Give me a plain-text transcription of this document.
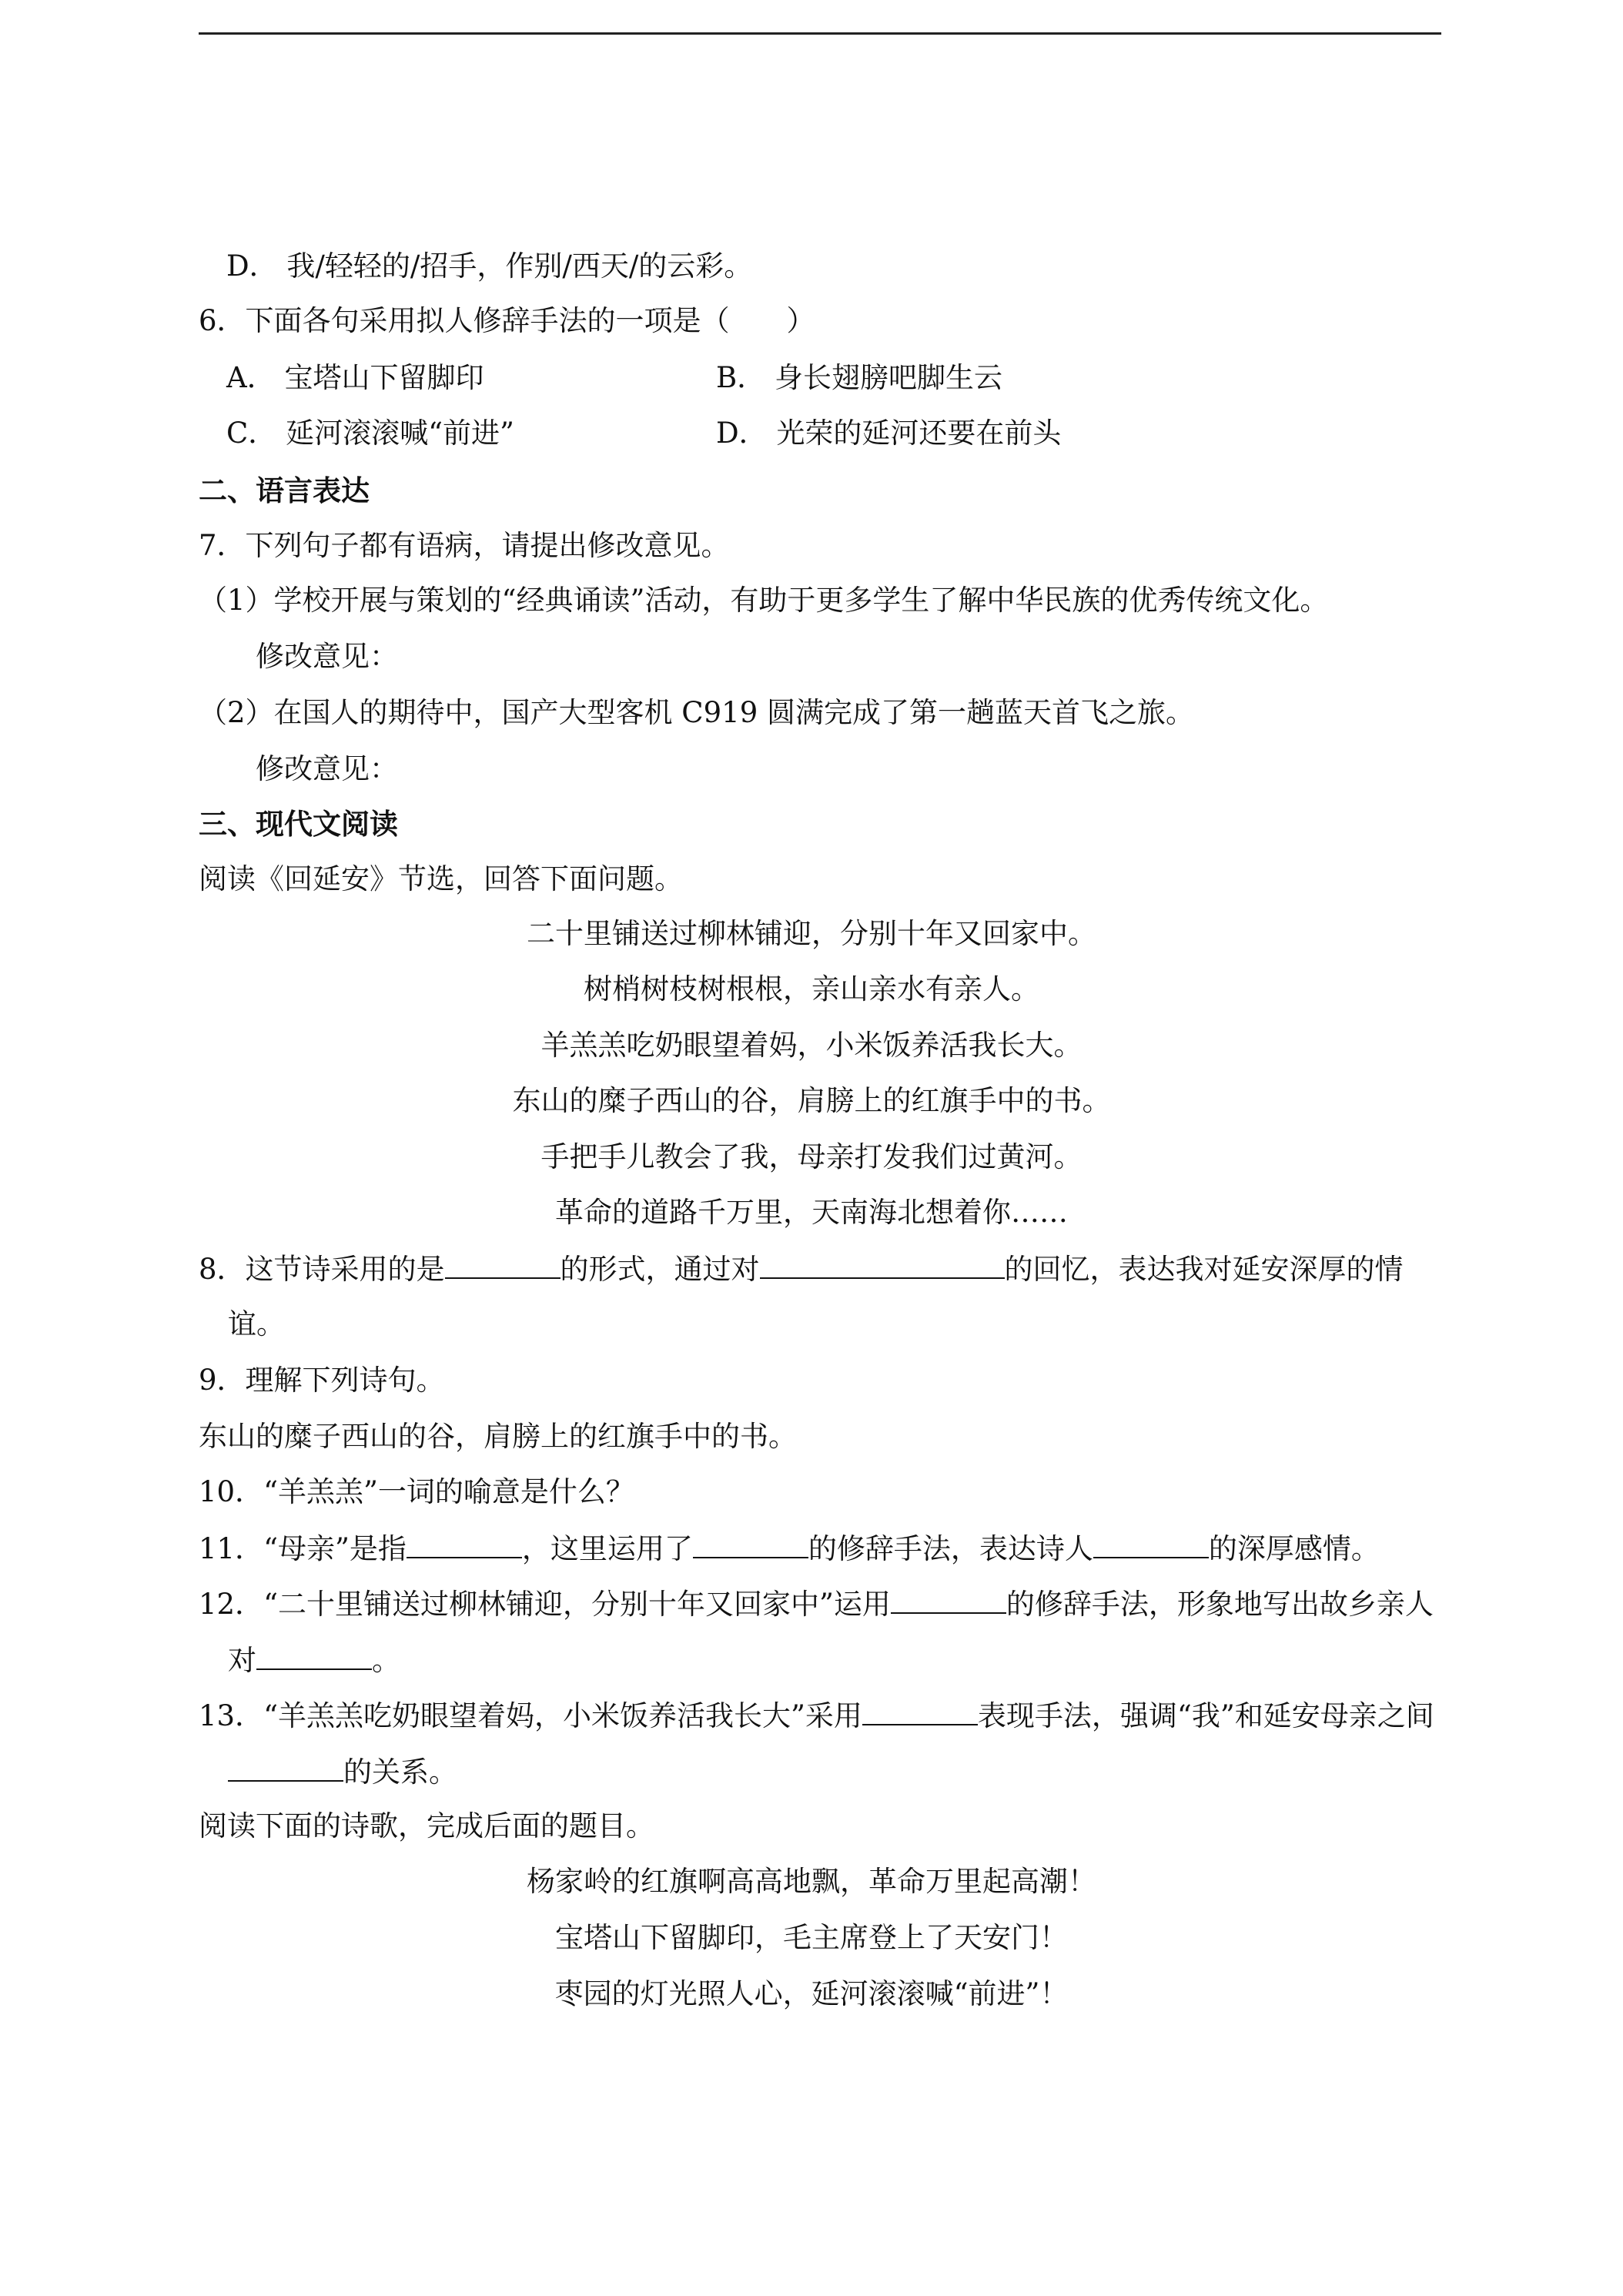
D． 我/轻轻的/招手，作别/西天/的云彩。
6．下面各句采用拟人修辞手法的一项是（　　）
A． 宝塔山下留脚印	B． 身长翅膀吧脚生云
C． 延河滚滚喊“前进”	D． 光荣的延河还要在前头
二、语言表达
7．下列句子都有语病，请提出修改意见。
（1）学校开展与策划的“经典诵读”活动，有助于更多学生了解中华民族的优秀传统文化。
修改意见：
（2）在国人的期待中，国产大型客机 C919 圆满完成了第一趟蓝天首飞之旅。
修改意见：
三、现代文阅读
阅读《回延安》节选，回答下面问题。
二十里铺送过柳林铺迎，分别十年又回家中。
树梢树枝树根根，亲山亲水有亲人。
羊羔羔吃奶眼望着妈，小米饭养活我长大。
东山的糜子西山的谷，肩膀上的红旗手中的书。
手把手儿教会了我，母亲打发我们过黄河。
革命的道路千万里，天南海北想着你……
8．这节诗采用的是	的形式，通过对	的回忆，表达我对延安深厚的情
谊。
9．理解下列诗句。
东山的糜子西山的谷，肩膀上的红旗手中的书。
10．“羊羔羔”一词的喻意是什么？
11．“母亲”是指	，这里运用了	的修辞手法，表达诗人	的深厚感情。
12．“二十里铺送过柳林铺迎，分别十年又回家中”运用	的修辞手法，形象地写出故乡亲人
对	。
13．“羊羔羔吃奶眼望着妈，小米饭养活我长大”采用	表现手法，强调“我”和延安母亲之间
的关系。
阅读下面的诗歌，完成后面的题目。
杨家岭的红旗啊高高地飘，革命万里起高潮！
宝塔山下留脚印，毛主席登上了天安门！
枣园的灯光照人心，延河滚滚喊“前进”！
